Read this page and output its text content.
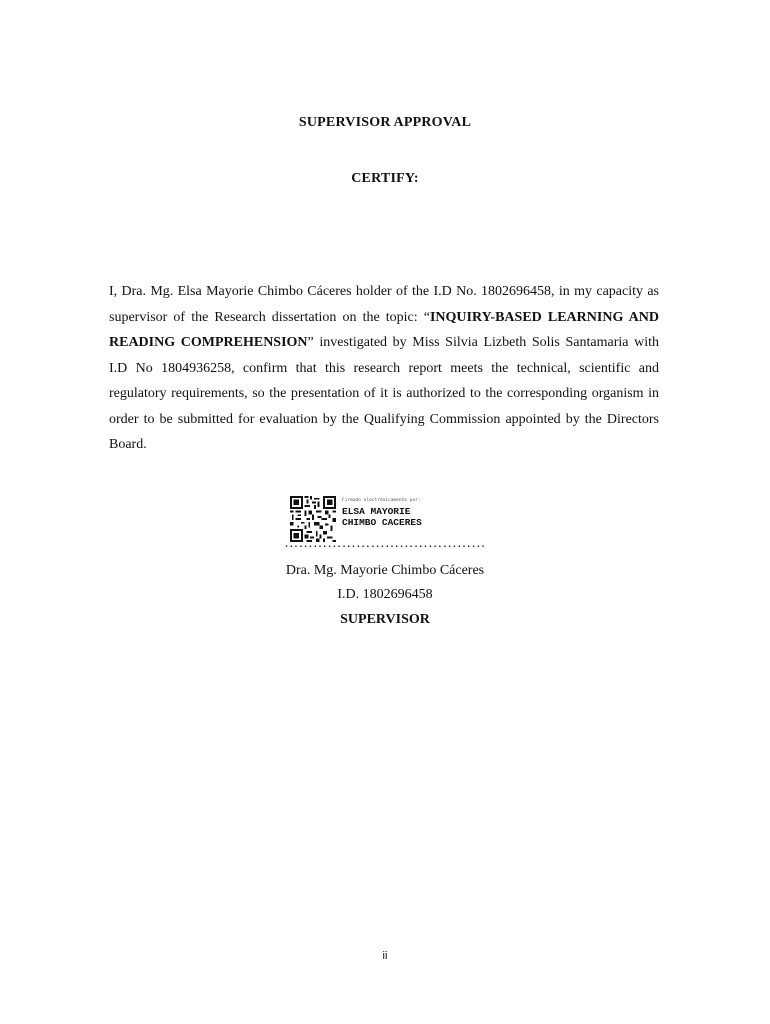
SUPERVISOR APPROVAL
CERTIFY:

I, Dra. Mg. Elsa Mayorie Chimbo Cáceres holder of the I.D No. 1802696458, in my capacity as supervisor of the Research dissertation on the topic: “INQUIRY-BASED LEARNING AND READING COMPREHENSION” investigated by Miss Silvia Lizbeth Solis Santamaria with I.D No 1804936258, confirm that this research report meets the technical, scientific and regulatory requirements, so the presentation of it is authorized to the corresponding organism in order to be submitted for evaluation by the Qualifying Commission appointed by the Directors Board.

Firmado electrónicamente por:
ELSA MAYORIE
CHIMBO CACERES
……………………………………
Dra. Mg. Mayorie Chimbo Cáceres
I.D. 1802696458
SUPERVISOR
ii
